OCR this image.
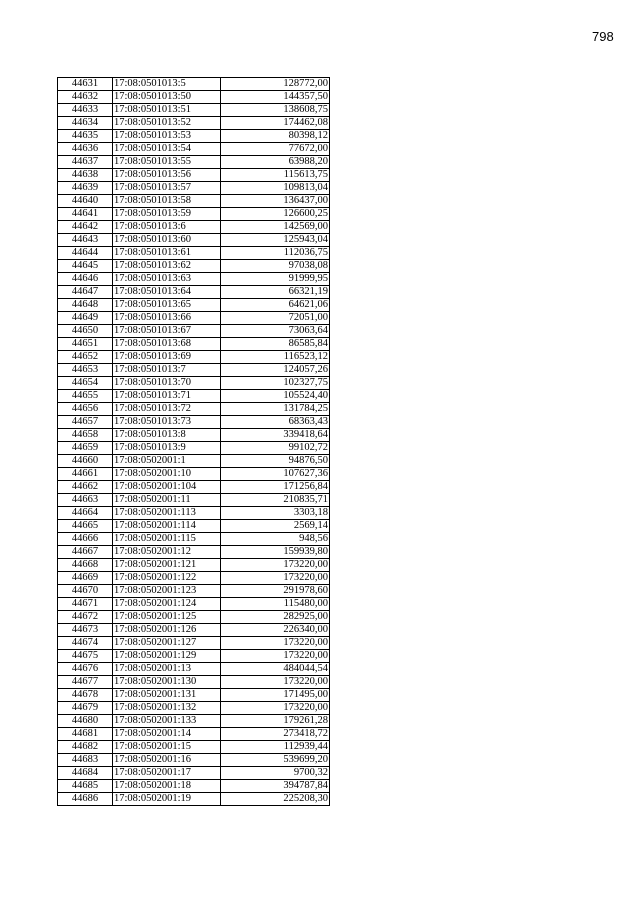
798
44631	17:08:0501013:5	128772,00
44632	17:08:0501013:50	144357,50
44633	17:08:0501013:51	138608,75
44634	17:08:0501013:52	174462,08
44635	17:08:0501013:53	80398,12
44636	17:08:0501013:54	77672,00
44637	17:08:0501013:55	63988,20
44638	17:08:0501013:56	115613,75
44639	17:08:0501013:57	109813,04
44640	17:08:0501013:58	136437,00
44641	17:08:0501013:59	126600,25
44642	17:08:0501013:6	142569,00
44643	17:08:0501013:60	125943,04
44644	17:08:0501013:61	112036,75
44645	17:08:0501013:62	97038,08
44646	17:08:0501013:63	91999,95
44647	17:08:0501013:64	66321,19
44648	17:08:0501013:65	64621,06
44649	17:08:0501013:66	72051,00
44650	17:08:0501013:67	73063,64
44651	17:08:0501013:68	86585,84
44652	17:08:0501013:69	116523,12
44653	17:08:0501013:7	124057,26
44654	17:08:0501013:70	102327,75
44655	17:08:0501013:71	105524,40
44656	17:08:0501013:72	131784,25
44657	17:08:0501013:73	68363,43
44658	17:08:0501013:8	339418,64
44659	17:08:0501013:9	99102,72
44660	17:08:0502001:1	94876,50
44661	17:08:0502001:10	107627,36
44662	17:08:0502001:104	171256,84
44663	17:08:0502001:11	210835,71
44664	17:08:0502001:113	3303,18
44665	17:08:0502001:114	2569,14
44666	17:08:0502001:115	948,56
44667	17:08:0502001:12	159939,80
44668	17:08:0502001:121	173220,00
44669	17:08:0502001:122	173220,00
44670	17:08:0502001:123	291978,60
44671	17:08:0502001:124	115480,00
44672	17:08:0502001:125	282925,00
44673	17:08:0502001:126	226340,00
44674	17:08:0502001:127	173220,00
44675	17:08:0502001:129	173220,00
44676	17:08:0502001:13	484044,54
44677	17:08:0502001:130	173220,00
44678	17:08:0502001:131	171495,00
44679	17:08:0502001:132	173220,00
44680	17:08:0502001:133	179261,28
44681	17:08:0502001:14	273418,72
44682	17:08:0502001:15	112939,44
44683	17:08:0502001:16	539699,20
44684	17:08:0502001:17	9700,32
44685	17:08:0502001:18	394787,84
44686	17:08:0502001:19	225208,30
